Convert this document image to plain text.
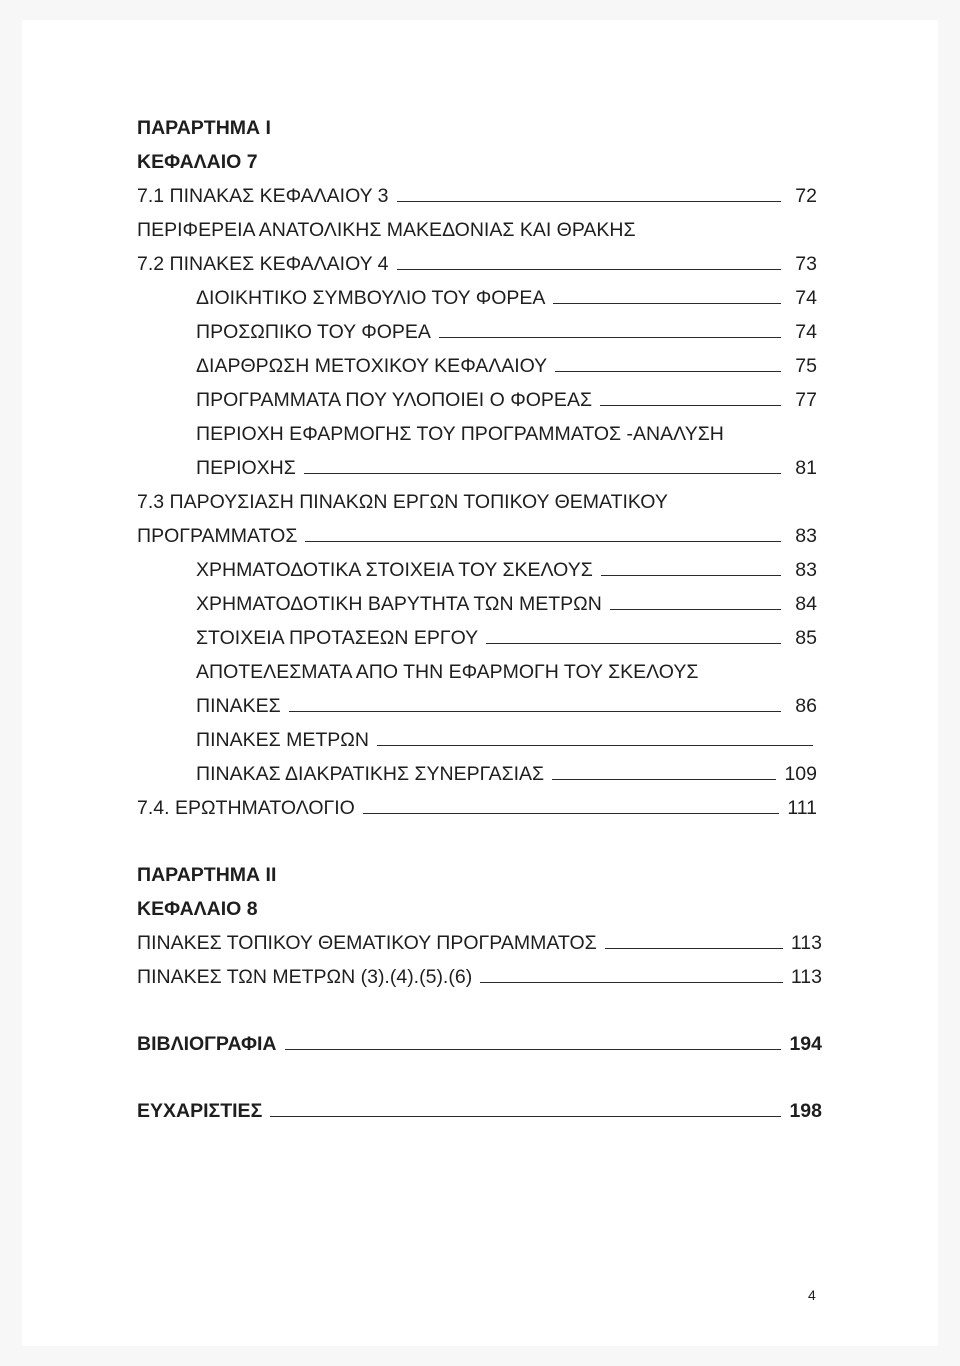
ΠΑΡΑΡΤΗΜΑ Ι
ΚΕΦΑΛΑΙΟ 7
7.1 ΠΙΝΑΚΑΣ ΚΕΦΑΛΑΙΟΥ 3	72
ΠΕΡΙΦΕΡΕΙΑ ΑΝΑΤΟΛΙΚΗΣ ΜΑΚΕΔΟΝΙΑΣ ΚΑΙ ΘΡΑΚΗΣ
7.2 ΠΙΝΑΚΕΣ ΚΕΦΑΛΑΙΟΥ 4	73
ΔΙΟΙΚΗΤΙΚΟ ΣΥΜΒΟΥΛΙΟ ΤΟΥ ΦΟΡΕΑ	74
ΠΡΟΣΩΠΙΚΟ ΤΟΥ ΦΟΡΕΑ	74
ΔΙΑΡΘΡΩΣΗ ΜΕΤΟΧΙΚΟΥ ΚΕΦΑΛΑΙΟΥ	75
ΠΡΟΓΡΑΜΜΑΤΑ ΠΟΥ ΥΛΟΠΟΙΕΙ Ο ΦΟΡΕΑΣ	77
ΠΕΡΙΟΧΗ ΕΦΑΡΜΟΓΗΣ ΤΟΥ ΠΡΟΓΡΑΜΜΑΤΟΣ -ΑΝΑΛΥΣΗ
ΠΕΡΙΟΧΗΣ	81
7.3 ΠΑΡΟΥΣΙΑΣΗ ΠΙΝΑΚΩΝ ΕΡΓΩΝ ΤΟΠΙΚΟΥ ΘΕΜΑΤΙΚΟΥ
ΠΡΟΓΡΑΜΜΑΤΟΣ	83
ΧΡΗΜΑΤΟΔΟΤΙΚΑ ΣΤΟΙΧΕΙΑ ΤΟΥ ΣΚΕΛΟΥΣ	83
ΧΡΗΜΑΤΟΔΟΤΙΚΗ ΒΑΡΥΤΗΤΑ ΤΩΝ ΜΕΤΡΩΝ	84
ΣΤΟΙΧΕΙΑ ΠΡΟΤΑΣΕΩΝ ΕΡΓΟΥ	85
ΑΠΟΤΕΛΕΣΜΑΤΑ ΑΠΟ ΤΗΝ ΕΦΑΡΜΟΓΗ ΤΟΥ ΣΚΕΛΟΥΣ
ΠΙΝΑΚΕΣ	86
ΠΙΝΑΚΕΣ ΜΕΤΡΩΝ
ΠΙΝΑΚΑΣ ΔΙΑΚΡΑΤΙΚΗΣ ΣΥΝΕΡΓΑΣΙΑΣ	109
7.4. ΕΡΩΤΗΜΑΤΟΛΟΓΙΟ	111
ΠΑΡΑΡΤΗΜΑ ΙΙ
ΚΕΦΑΛΑΙΟ 8
ΠΙΝΑΚΕΣ ΤΟΠΙΚΟΥ ΘΕΜΑΤΙΚΟΥ ΠΡΟΓΡΑΜΜΑΤΟΣ	113
ΠΙΝΑΚΕΣ ΤΩΝ ΜΕΤΡΩΝ (3).(4).(5).(6)	113
ΒΙΒΛΙΟΓΡΑΦΙΑ	194
ΕΥΧΑΡΙΣΤΙΕΣ	198
4
